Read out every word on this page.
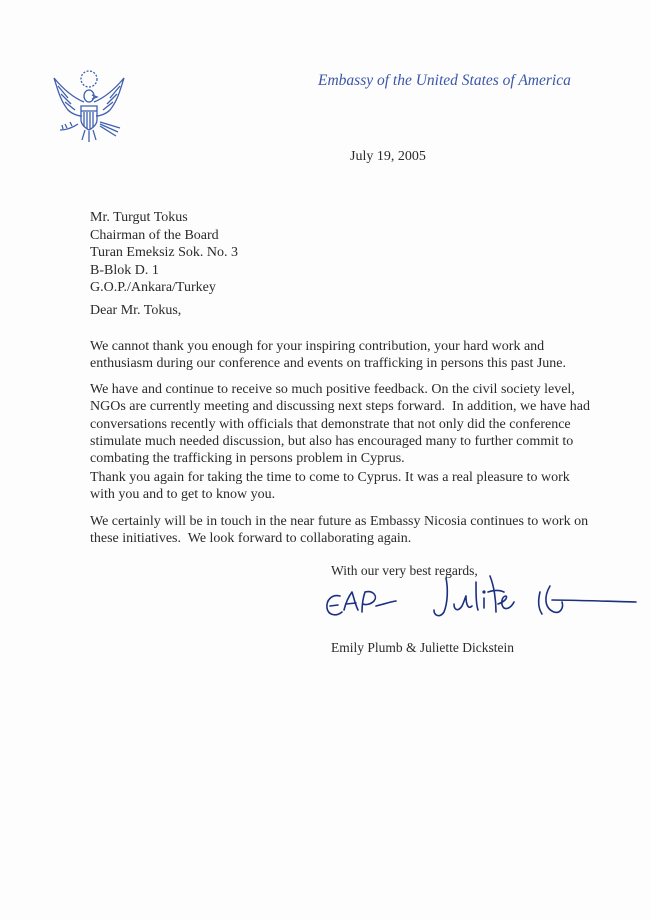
Embassy of the United States of America
July 19, 2005
Mr. Turgut Tokus
Chairman of the Board
Turan Emeksiz Sok. No. 3
B-Blok D. 1
G.O.P./Ankara/Turkey
Dear Mr. Tokus,
We cannot thank you enough for your inspiring contribution, your hard work and
enthusiasm during our conference and events on trafficking in persons this past June.
We have and continue to receive so much positive feedback. On the civil society level,
NGOs are currently meeting and discussing next steps forward.  In addition, we have had
conversations recently with officials that demonstrate that not only did the conference
stimulate much needed discussion, but also has encouraged many to further commit to
combating the trafficking in persons problem in Cyprus.
Thank you again for taking the time to come to Cyprus. It was a real pleasure to work
with you and to get to know you.
We certainly will be in touch in the near future as Embassy Nicosia continues to work on
these initiatives.  We look forward to collaborating again.
With our very best regards,
Emily Plumb & Juliette Dickstein
